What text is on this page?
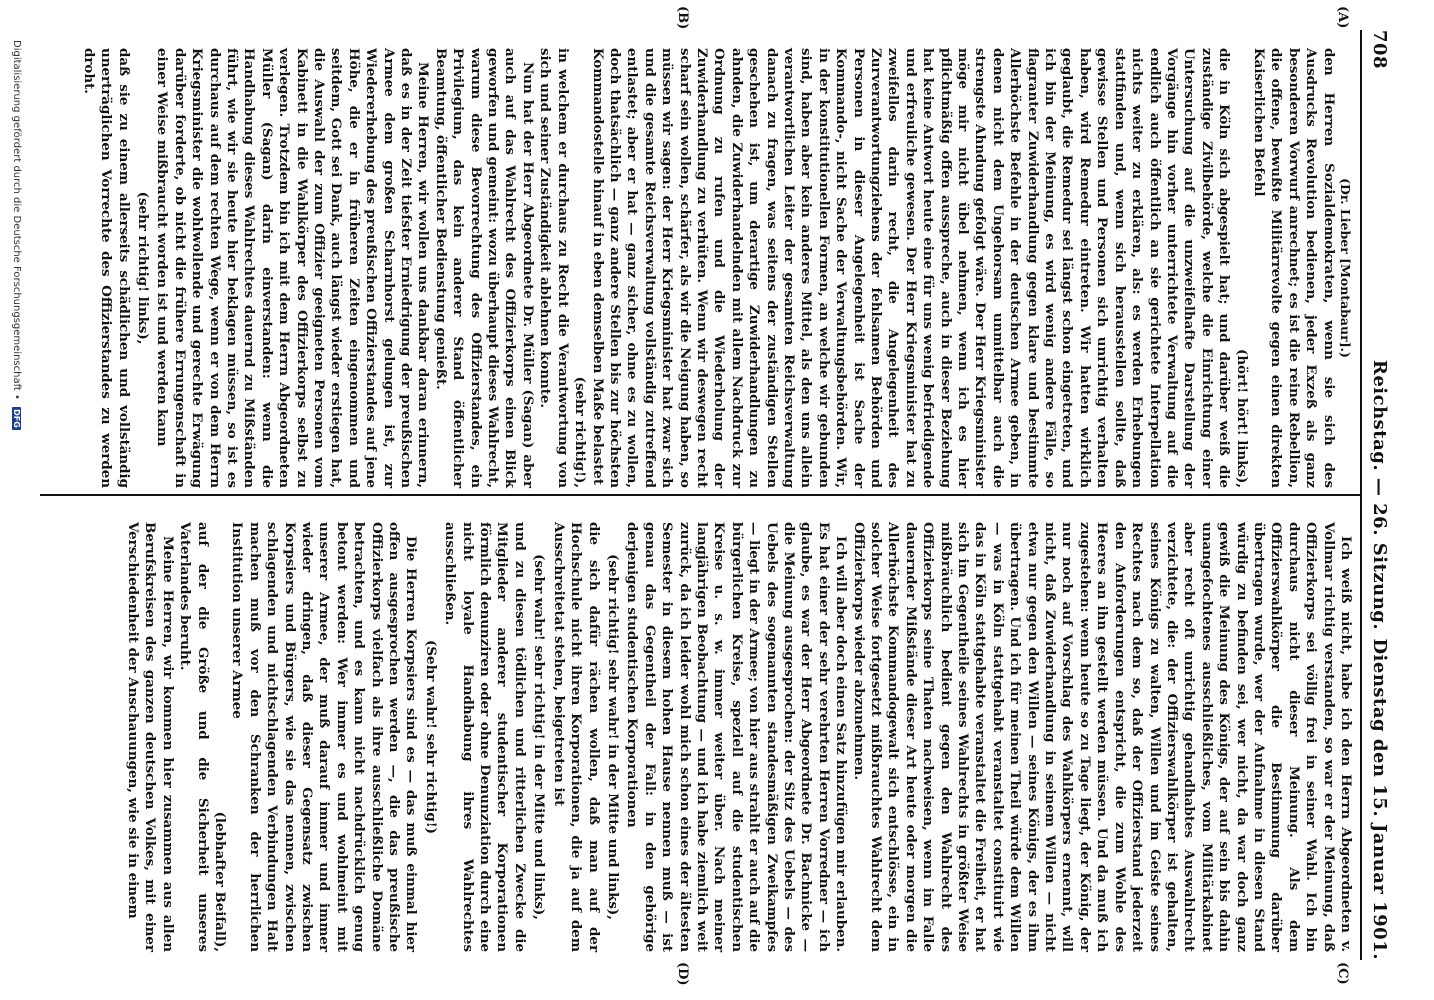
708
Reichstag. — 26. Sitzung.
Dienstag den 15. Januar 1901.
(A)
(B)
(C)
(D)

(Dr. Lieber [Montabaur].)

den Herren Sozialdemokraten, wenn sie sich des Ausdrucks Revolution bedienen, jeder Exzeß als ganz besonderen Vorwurf anrechnet; es ist die reine Rebellion, die offene, bewußte Militärrevolte gegen einen direkten Kaiserlichen Befehl

(hört! hört! links),

die in Köln sich abgespielt hat; und darüber weiß die zuständige Zivilbehörde, welche die Einrichtung einer Untersuchung auf die unzweifelhafte Darstellung der Vorgänge hin vorher unterrichtete Verwaltung auf die endlich auch öffentlich an sie gerichtete Interpellation nichts weiter zu erklären, als: es werden Erhebungen stattfinden und, wenn sich herausstellen sollte, daß gewisse Stellen und Personen sich unrichtig verhalten haben, wird Remedur eintreten. Wir hatten wirklich geglaubt, die Remedur sei längst schon eingetreten, und ich bin der Meinung, es wird wenig andere Fälle, so flagranter Zuwiderhandlung gegen klare und bestimmte Allerhöchste Befehle in der deutschen Armee geben, in denen nicht dem Ungehorsam unmittelbar auch die strengste Ahndung gefolgt wäre. Der Herr Kriegsminister möge mir nicht übel nehmen, wenn ich es hier pflichtmäßig offen ausspreche, auch in dieser Beziehung hat keine Antwort heute eine für uns wenig befriedigende und erfreuliche gewesen. Der Herr Kriegsminister hat zu zweifellos darin recht, die Angelegenheit des Zurverantwortungziehens der fehlsamen Behörden und Personen in dieser Angelegenheit ist Sache der Kommando-, nicht Sache der Verwaltungsbehörden. Wir, in der konstitutionellen Formen, an welche wir gebunden sind, haben aber kein anderes Mittel, als den uns allein verantwortlichen Leiter der gesamten Reichsverwaltung danach zu fragen, was seitens der zuständigen Stellen geschehen ist, um derartige Zuwiderhandlungen zu ahnden, die Zuwiderhandelnden mit allem Nachdruck zur Ordnung zu rufen und die Wiederholung der Zuwiderhandlung zu verhüten. Wenn wir deswegen recht scharf sein wollen, schärfer, als wir die Neigung haben, so müssen wir sagen: der Herr Kriegsminister hat zwar sich und die gesamte Reichsverwaltung vollständig zutreffend entlastet; aber er hat — ganz sicher, ohne es zu wollen, doch thatsächlich — ganz andere Stellen bis zur höchsten Kommandostelle hinauf in eben demselben Maße belastet

(sehr richtig!),

in welchem er durchaus zu Recht die Verantwortung von sich und seiner Zuständigkeit ablehnen konnte.

Nun hat der Herr Abgeordnete Dr. Müller (Sagan) aber auch auf das Wahlrecht des Offizierkorps einen Blick geworfen und gemeint: wozu überhaupt dieses Wahlrecht, warum diese Bevorrechtung des Offizierstandes, ein Privilegium, das kein anderer Stand öffentlicher Beamtung, öffentlicher Bedienstung genießt.

Meine Herren, wir wollen uns dankbar daran erinnern, daß es in der Zeit tiefster Erniedrigung der preußischen Armee dem großen Scharnhorst gelungen ist, zur Wiedererhebung des preußischen Offizierstandes auf jene Höhe, die er in früheren Zeiten eingenommen und seitdem, Gott sei Dank, auch längst wieder erstiegen hat, die Auswahl der zum Offizier geeigneten Personen vom Kabinett in die Wahlkörper des Offizierkorps selbst zu verlegen. Trotzdem bin ich mit dem Herrn Abgeordneten Müller (Sagan) darin einverstanden: wenn die Handhabung dieses Wahlrechtes dauernd zu Mißständen führt, wie wir sie heute hier beklagen müssen, so ist es durchaus auf dem rechten Wege, wenn er von dem Herrn Kriegsminister die wohlwollende und gerechte Erwägung darüber forderte, ob nicht die frühere Errungenschaft in einer Weise mißbraucht worden ist und werden kann

(sehr richtig! links),

daß sie zu einem allerseits schädlichen und vollständig unerträglichen Vorrechte des Offizierstandes zu werden droht.

Ich weiß nicht, habe ich den Herrn Abgeordneten v. Vollmar richtig verstanden, so war er der Meinung, daß Offizierkorps sei völlig frei in seiner Wahl. Ich bin durchaus nicht dieser Meinung. Als dem Offizierswahlkörper die Bestimmung darüber übertragen wurde, wer der Aufnahme in diesen Stand würdig zu befinden sei, wer nicht, da war doch ganz gewiß die Meinung des Königs, der auf sein bis dahin unangefochtenes ausschließliches, vom Militärkabinet aber recht oft unrichtig gehandhabtes Auswahlrecht verzichtete, die: der Offizierswahlkörper ist gehalten, seines Königs zu walten, Willen und im Geiste seines Rechtes nach dem so, daß der Offizierstand jederzeit den Anforderungen entspricht, die zum Wohle des Heeres an ihn gestellt werden müssen. Und da muß ich zugestehen: wenn heute so zu Tage liegt, der König, der nur noch auf Vorschlag des Wahlkörpers ernennt, will nicht, daß Zuwiderhandlung in seinem Willen — nicht etwa nur gegen den Willen — seines Königs, der es ihm übertragen. Und ich für meinen Theil würde dem Willen — was in Köln stattgehabt veranstaltet constituirt wie das in Köln stattgehabte veranstaltet die Freiheit, er hat sich im Gegentheile seines Wahlrechts in größter Weise mißbräuchlich bedient gegen den Wahlrecht des Offizierkorps seine Thaten nachweisen, wenn im Falle dauernder Mißstände dieser Art heute oder morgen die Allerhöchste Kommandogewalt sich entschlösse, ein in solcher Weise fortgesetzt mißbrauchtes Wahlrecht dem Offizierkorps wieder abzunehmen.

Ich will aber doch einen Satz hinzufügen mir erlauben. Es hat einer der sehr verehrten Herren Vorredner — ich glaube, es war der Herr Abgeordnete Dr. Bachnicke — die Meinung ausgesprochen: der Sitz des Uebels — des Uebels des sogenannten standesmäßigen Zweikampfes — liegt in der Armee; von hier aus strahlt er auch auf die bürgerlichen Kreise, speziell auf die studentischen Kreise u. s. w. immer weiter über. Nach meiner langjährigen Beobachtung — und ich habe ziemlich weit zurück, da ich leider wohl mich schon eines der ältesten Semester in diesem hohen Hause nennen muß — ist genau das Gegentheil der Fall: in den gehörige derjenigen studentischen Korporationen

(sehr richtig! sehr wahr! in der Mitte und links),

die sich dafür rächen wollen, daß man auf der Hochschule nicht ihren Korporationen, die ja auf dem Ausschreitetat stehen, beigetreten ist

(sehr wahr! sehr richtig! in der Mitte und links),

und zu diesen tödlichen und ritterlichen Zwecke die Mitglieder anderer studentischer Korporationen förmlich denunziren oder ohne Denunziation durch eine nicht loyale Handhabung ihres Wahlrechtes ausschließen.

(Sehr wahr! sehr richtig!)

Die Herren Korpsiers sind es — das muß einmal hier offen ausgesprochen werden —, die das preußische Offizierkorps vielfach als ihre ausschließliche Domäne betrachten, und es kann nicht nachdrücklich genug betont werden: Wer immer es und wohlmeint mit unserer Armee, der muß darauf immer und immer wieder dringen, daß dieser Gegensatz zwischen Korpsiers und Bürgers, wie sie das nennen, zwischen schlagenden und nichtschlagenden Verbindungen Halt machen muß vor den Schranken der herrlichen Institution unserer Armee

(lebhafter Beifall),

auf der die Größe und die Sicherheit unseres Vaterlandes beruht.

Meine Herren, wir kommen hier zusammen aus allen Berufskreisen des ganzen deutschen Volkes, mit einer Verschiedenheit der Anschauungen, wie sie in einem

Digitalisierung gefördert durch die Deutsche Forschungsgemeinschaft • DFG
